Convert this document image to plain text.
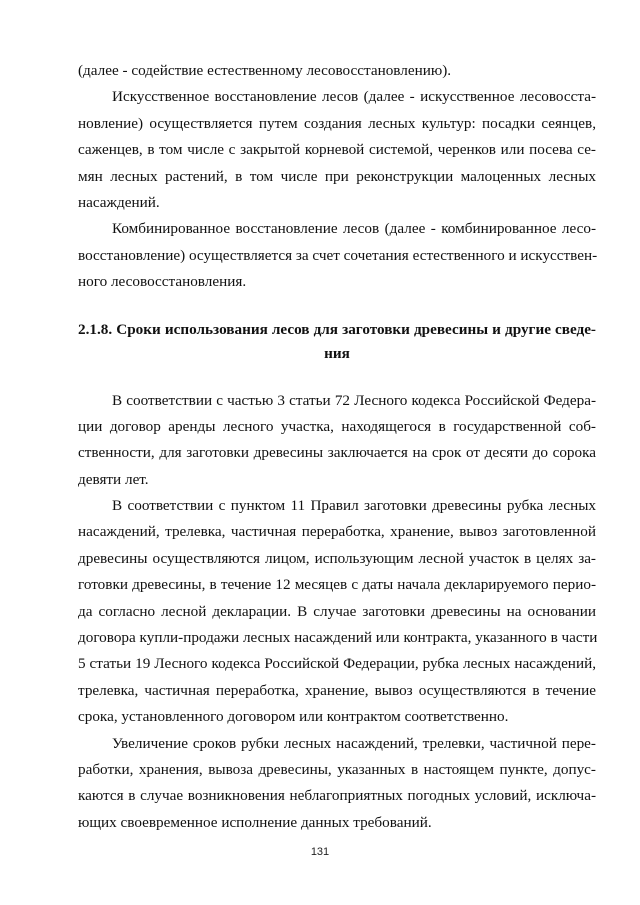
(далее - содействие естественному лесовосстановлению).
Искусственное восстановление лесов (далее - искусственное лесовосста-
новление) осуществляется путем создания лесных культур: посадки сеянцев,
саженцев, в том числе с закрытой корневой системой, черенков или посева се-
мян лесных растений, в том числе при реконструкции малоценных лесных
насаждений.
Комбинированное восстановление лесов (далее - комбинированное лесо-
восстановление) осуществляется за счет сочетания естественного и искусствен-
ного лесовосстановления.
2.1.8. Сроки использования лесов для заготовки древесины и другие сведе-
ния
В соответствии с частью 3 статьи 72 Лесного кодекса Российской Федера-
ции договор аренды лесного участка, находящегося в государственной соб-
ственности, для заготовки древесины заключается на срок от десяти до сорока
девяти лет.
В соответствии с пунктом 11 Правил заготовки древесины рубка лесных
насаждений, трелевка, частичная переработка, хранение, вывоз заготовленной
древесины осуществляются лицом, использующим лесной участок в целях за-
готовки древесины, в течение 12 месяцев с даты начала декларируемого перио-
да согласно лесной декларации. В случае заготовки древесины на основании
договора купли-продажи лесных насаждений или контракта, указанного в части
5 статьи 19 Лесного кодекса Российской Федерации, рубка лесных насаждений,
трелевка, частичная переработка, хранение, вывоз осуществляются в течение
срока, установленного договором или контрактом соответственно.
Увеличение сроков рубки лесных насаждений, трелевки, частичной пере-
работки, хранения, вывоза древесины, указанных в настоящем пункте, допус-
каются в случае возникновения неблагоприятных погодных условий, исключа-
ющих своевременное исполнение данных требований.
131
